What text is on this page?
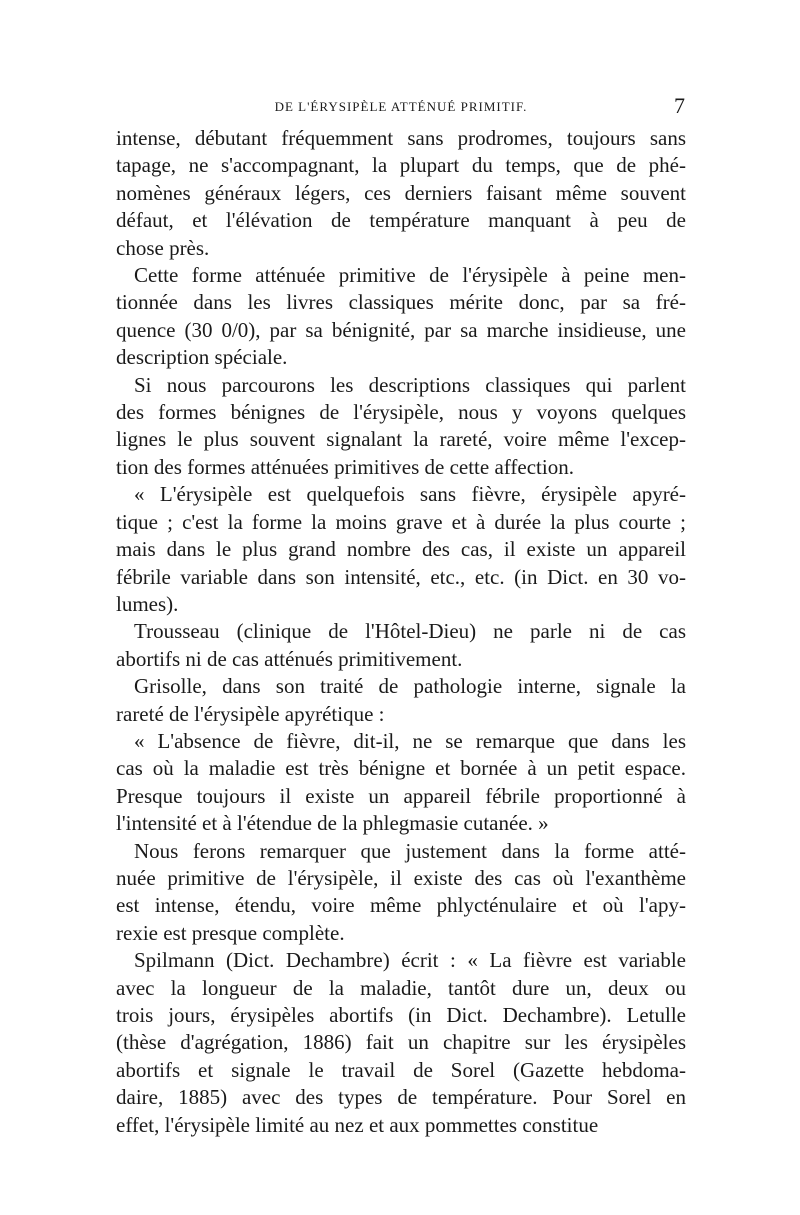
DE L'ÉRYSIPÈLE ATTÉNUÉ PRIMITIF.	7

intense, débutant fréquemment sans prodromes, toujours sans
tapage, ne s'accompagnant, la plupart du temps, que de phé-
nomènes généraux légers, ces derniers faisant même souvent
défaut, et l'élévation de température manquant à peu de
chose près.

Cette forme atténuée primitive de l'érysipèle à peine men-
tionnée dans les livres classiques mérite donc, par sa fré-
quence (30 0/0), par sa bénignité, par sa marche insidieuse, une
description spéciale.

Si nous parcourons les descriptions classiques qui parlent
des formes bénignes de l'érysipèle, nous y voyons quelques
lignes le plus souvent signalant la rareté, voire même l'excep-
tion des formes atténuées primitives de cette affection.

« L'érysipèle est quelquefois sans fièvre, érysipèle apyré-
tique ; c'est la forme la moins grave et à durée la plus courte ;
mais dans le plus grand nombre des cas, il existe un appareil
fébrile variable dans son intensité, etc., etc. (in Dict. en 30 vo-
lumes).

Trousseau (clinique de l'Hôtel-Dieu) ne parle ni de cas
abortifs ni de cas atténués primitivement.

Grisolle, dans son traité de pathologie interne, signale la
rareté de l'érysipèle apyrétique :

« L'absence de fièvre, dit-il, ne se remarque que dans les
cas où la maladie est très bénigne et bornée à un petit espace.
Presque toujours il existe un appareil fébrile proportionné à
l'intensité et à l'étendue de la phlegmasie cutanée. »

Nous ferons remarquer que justement dans la forme atté-
nuée primitive de l'érysipèle, il existe des cas où l'exanthème
est intense, étendu, voire même phlycténulaire et où l'apy-
rexie est presque complète.

Spilmann (Dict. Dechambre) écrit : « La fièvre est variable
avec la longueur de la maladie, tantôt dure un, deux ou
trois jours, érysipèles abortifs (in Dict. Dechambre). Letulle
(thèse d'agrégation, 1886) fait un chapitre sur les érysipèles
abortifs et signale le travail de Sorel (Gazette hebdoma-
daire, 1885) avec des types de température. Pour Sorel en
effet, l'érysipèle limité au nez et aux pommettes constitue
